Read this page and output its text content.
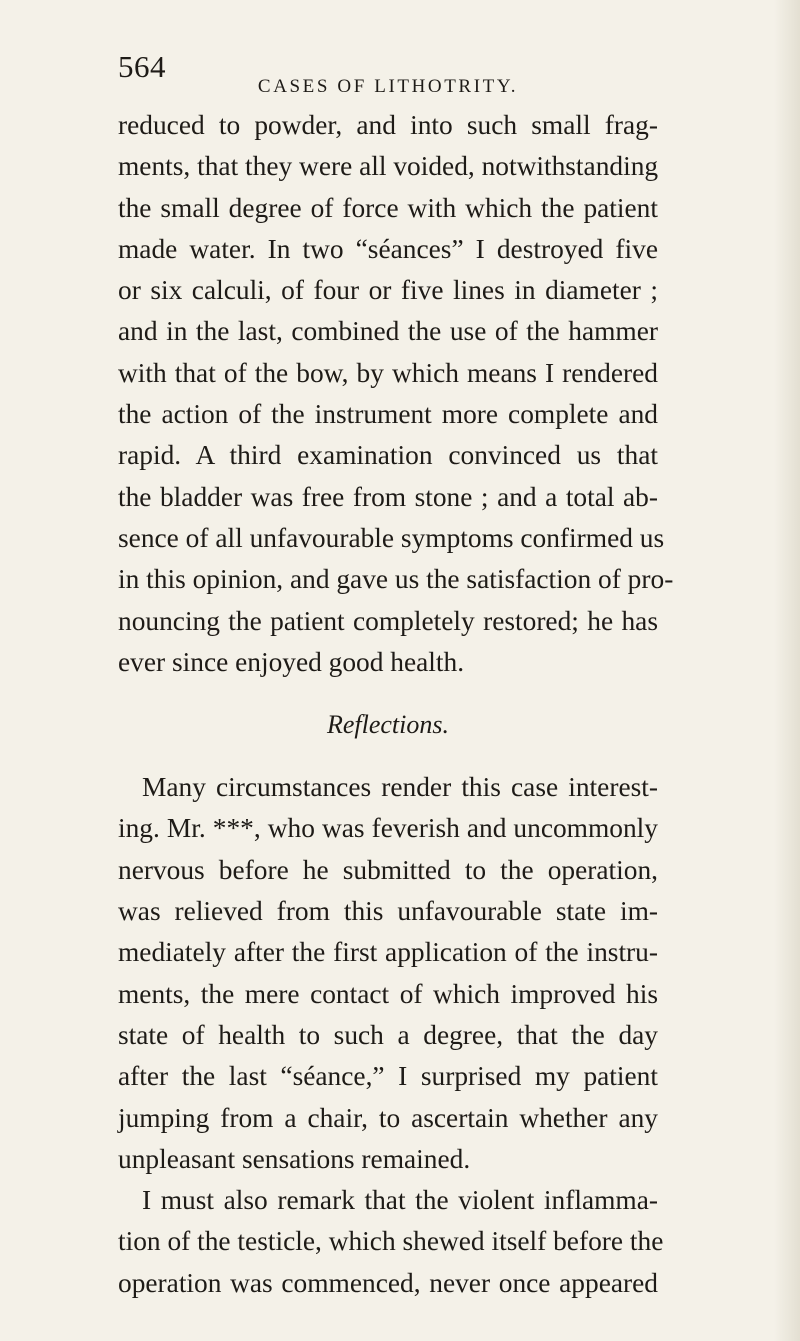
564
CASES OF LITHOTRITY.
reduced to powder, and into such small frag-
ments, that they were all voided, notwithstanding
the small degree of force with which the patient
made water. In two “séances” I destroyed five
or six calculi, of four or five lines in diameter ;
and in the last, combined the use of the hammer
with that of the bow, by which means I rendered
the action of the instrument more complete and
rapid. A third examination convinced us that
the bladder was free from stone ; and a total ab-
sence of all unfavourable symptoms confirmed us
in this opinion, and gave us the satisfaction of pro-
nouncing the patient completely restored; he has
ever since enjoyed good health.
Reflections.
Many circumstances render this case interest-
ing. Mr. ***, who was feverish and uncommonly
nervous before he submitted to the operation,
was relieved from this unfavourable state im-
mediately after the first application of the instru-
ments, the mere contact of which improved his
state of health to such a degree, that the day
after the last “séance,” I surprised my patient
jumping from a chair, to ascertain whether any
unpleasant sensations remained.
I must also remark that the violent inflamma-
tion of the testicle, which shewed itself before the
operation was commenced, never once appeared
